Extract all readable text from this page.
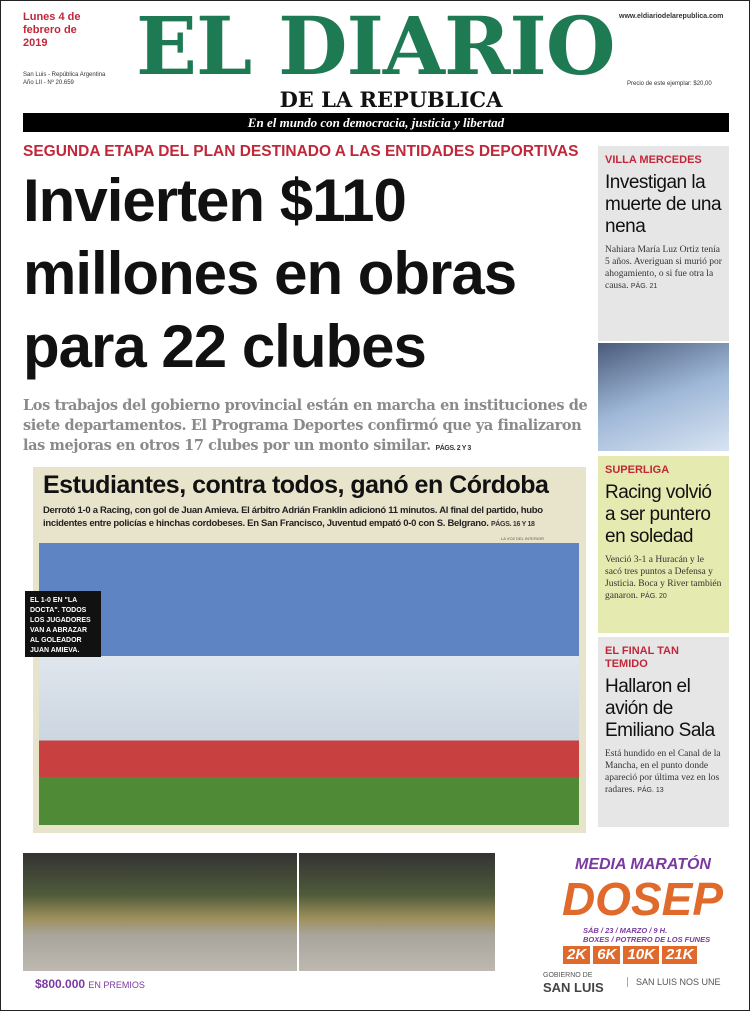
Lunes 4 de febrero de 2019
San Luis - República Argentina
Año LII - Nº 20.659
www.eldiariodelarepublica.com
Precio de este ejemplar: $20,00
EL DIARIO
DE LA REPUBLICA
En el mundo con democracia, justicia y libertad
SEGUNDA ETAPA DEL PLAN DESTINADO A LAS ENTIDADES DEPORTIVAS
Invierten $110 millones en obras para 22 clubes
Los trabajos del gobierno provincial están en marcha en instituciones de siete departamentos. El Programa Deportes confirmó que ya finalizaron las mejoras en otros 17 clubes por un monto similar. PÁGS. 2 Y 3
Estudiantes, contra todos, ganó en Córdoba

Derrotó 1-0 a Racing, con gol de Juan Amieva. El árbitro Adrián Franklin adicionó 11 minutos. Al final del partido, hubo incidentes entre policías e hinchas cordobeses. En San Francisco, Juventud empató 0-0 con S. Belgrano. PÁGS. 16 Y 18

LA VOZ DEL INTERIOR
EL 1-0 EN "LA DOCTA". TODOS LOS JUGADORES VAN A ABRAZAR AL GOLEADOR JUAN AMIEVA.
VILLA MERCEDES
Investigan la muerte de una nena

Nahiara María Luz Ortiz tenía 5 años. Averiguan si murió por ahogamiento, o si fue otra la causa. PÁG. 21

SUPERLIGA
Racing volvió a ser puntero en soledad

Venció 3-1 a Huracán y le sacó tres puntos a Defensa y Justicia. Boca y River también ganaron. PÁG. 20

EL FINAL TAN TEMIDO
Hallaron el avión de Emiliano Sala

Está hundido en el Canal de la Mancha, en el punto donde apareció por última vez en los radares. PÁG. 13

MEDIA MARATÓN
DOSEP
SÁB / 23 / MARZO / 9 H.
BOXES / POTRERO DE LOS FUNES
2K 6K 10K 21K
$800.000 EN PREMIOS
GOBIERNO DE
SAN LUIS	SAN LUIS NOS UNE
